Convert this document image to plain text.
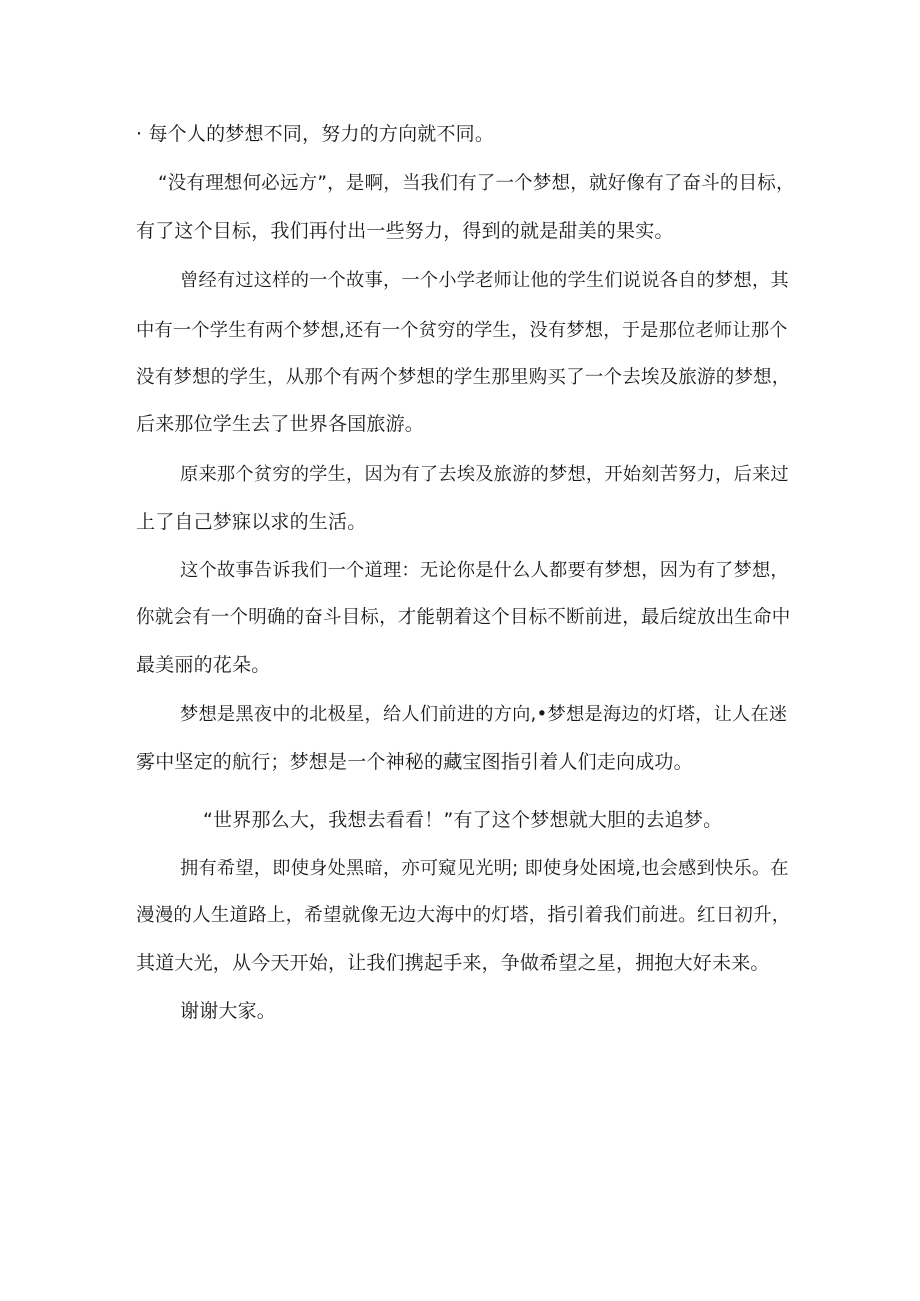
· 每个人的梦想不同，努力的方向就不同。
“没有理想何必远方”，是啊，当我们有了一个梦想，就好像有了奋斗的目标，
有了这个目标，我们再付出一些努力，得到的就是甜美的果实。
曾经有过这样的一个故事，一个小学老师让他的学生们说说各自的梦想，其
中有一个学生有两个梦想,还有一个贫穷的学生，没有梦想，于是那位老师让那个
没有梦想的学生，从那个有两个梦想的学生那里购买了一个去埃及旅游的梦想，
后来那位学生去了世界各国旅游。
原来那个贫穷的学生，因为有了去埃及旅游的梦想，开始刻苦努力，后来过
上了自己梦寐以求的生活。
这个故事告诉我们一个道理：无论你是什么人都要有梦想，因为有了梦想，
你就会有一个明确的奋斗目标，才能朝着这个目标不断前进，最后绽放出生命中
最美丽的花朵。
梦想是黑夜中的北极星，给人们前进的方向,•梦想是海边的灯塔，让人在迷
雾中坚定的航行；梦想是一个神秘的藏宝图指引着人们走向成功。
“世界那么大，我想去看看！”有了这个梦想就大胆的去追梦。
拥有希望，即使身处黑暗，亦可窥见光明; 即使身处困境,也会感到快乐。在
漫漫的人生道路上，希望就像无边大海中的灯塔，指引着我们前进。红日初升，
其道大光，从今天开始，让我们携起手来，争做希望之星，拥抱大好未来。
谢谢大家。
